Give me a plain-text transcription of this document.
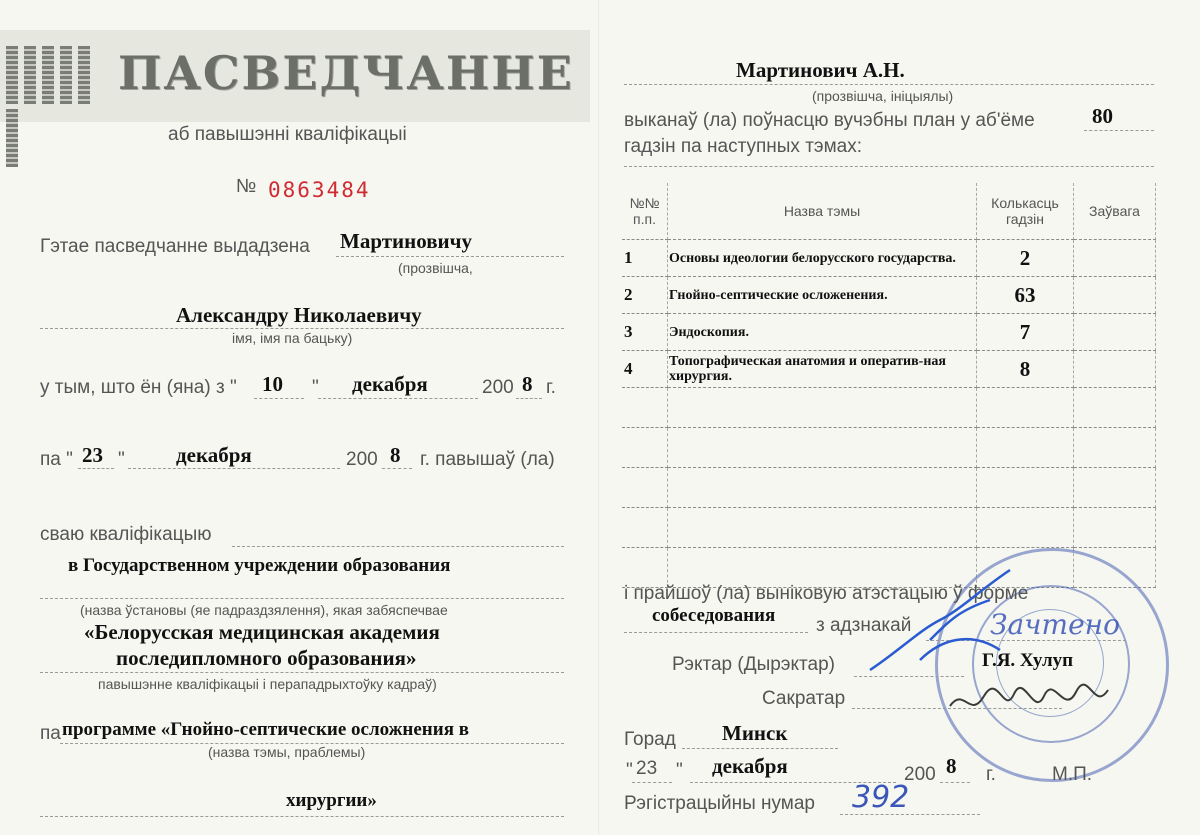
ПАСВЕДЧАННЕ
аб павышэнні кваліфікацыі
№ 0863484
Гэтае пасведчанне выдадзена Мартиновичу
(прозвішча,
Александру Николаевичу
імя, імя па бацьку)
у тым, што ён (яна) з " 10 " декабря	200 8 г.
па " 23 " декабря	200 8 г. павышаў (ла)
сваю кваліфікацыю
в Государственном учреждении образования
(назва ўстановы (яе падраздзялення), якая забяспечвае
«Белорусская медицинская академия
последипломного образования»
павышэнне кваліфікацыі і перападрыхтоўку кадраў)
па программе «Гнойно-септические осложнения в
(назва тэмы, праблемы)
хирургии»
Мартинович А.Н.
(прозвішча, ініцыялы)
выканаў (ла) поўнасцю вучэбны план у аб'ёме	80
гадзін па наступных тэмах:
№№ п.п.	Назва тэмы	Колькасць гадзін	Заўвага
1	Основы идеологии белорусского государства.	2	
2	Гнойно-септические осложенения.	63	
3	Эндоскопия.	7	
4	Топографическая анатомия и оператив-ная хирургия.	8	

і прайшоў (ла) выніковую атэстацыю ў форме
собеседования з адзнакай	Зачтено
Рэктар (Дырэктар)	Г.Я. Хулуп
Сакратар
Горад Минск
" 23 " декабря	200 8 г.	М.П.
Рэгістрацыйны нумар 392
